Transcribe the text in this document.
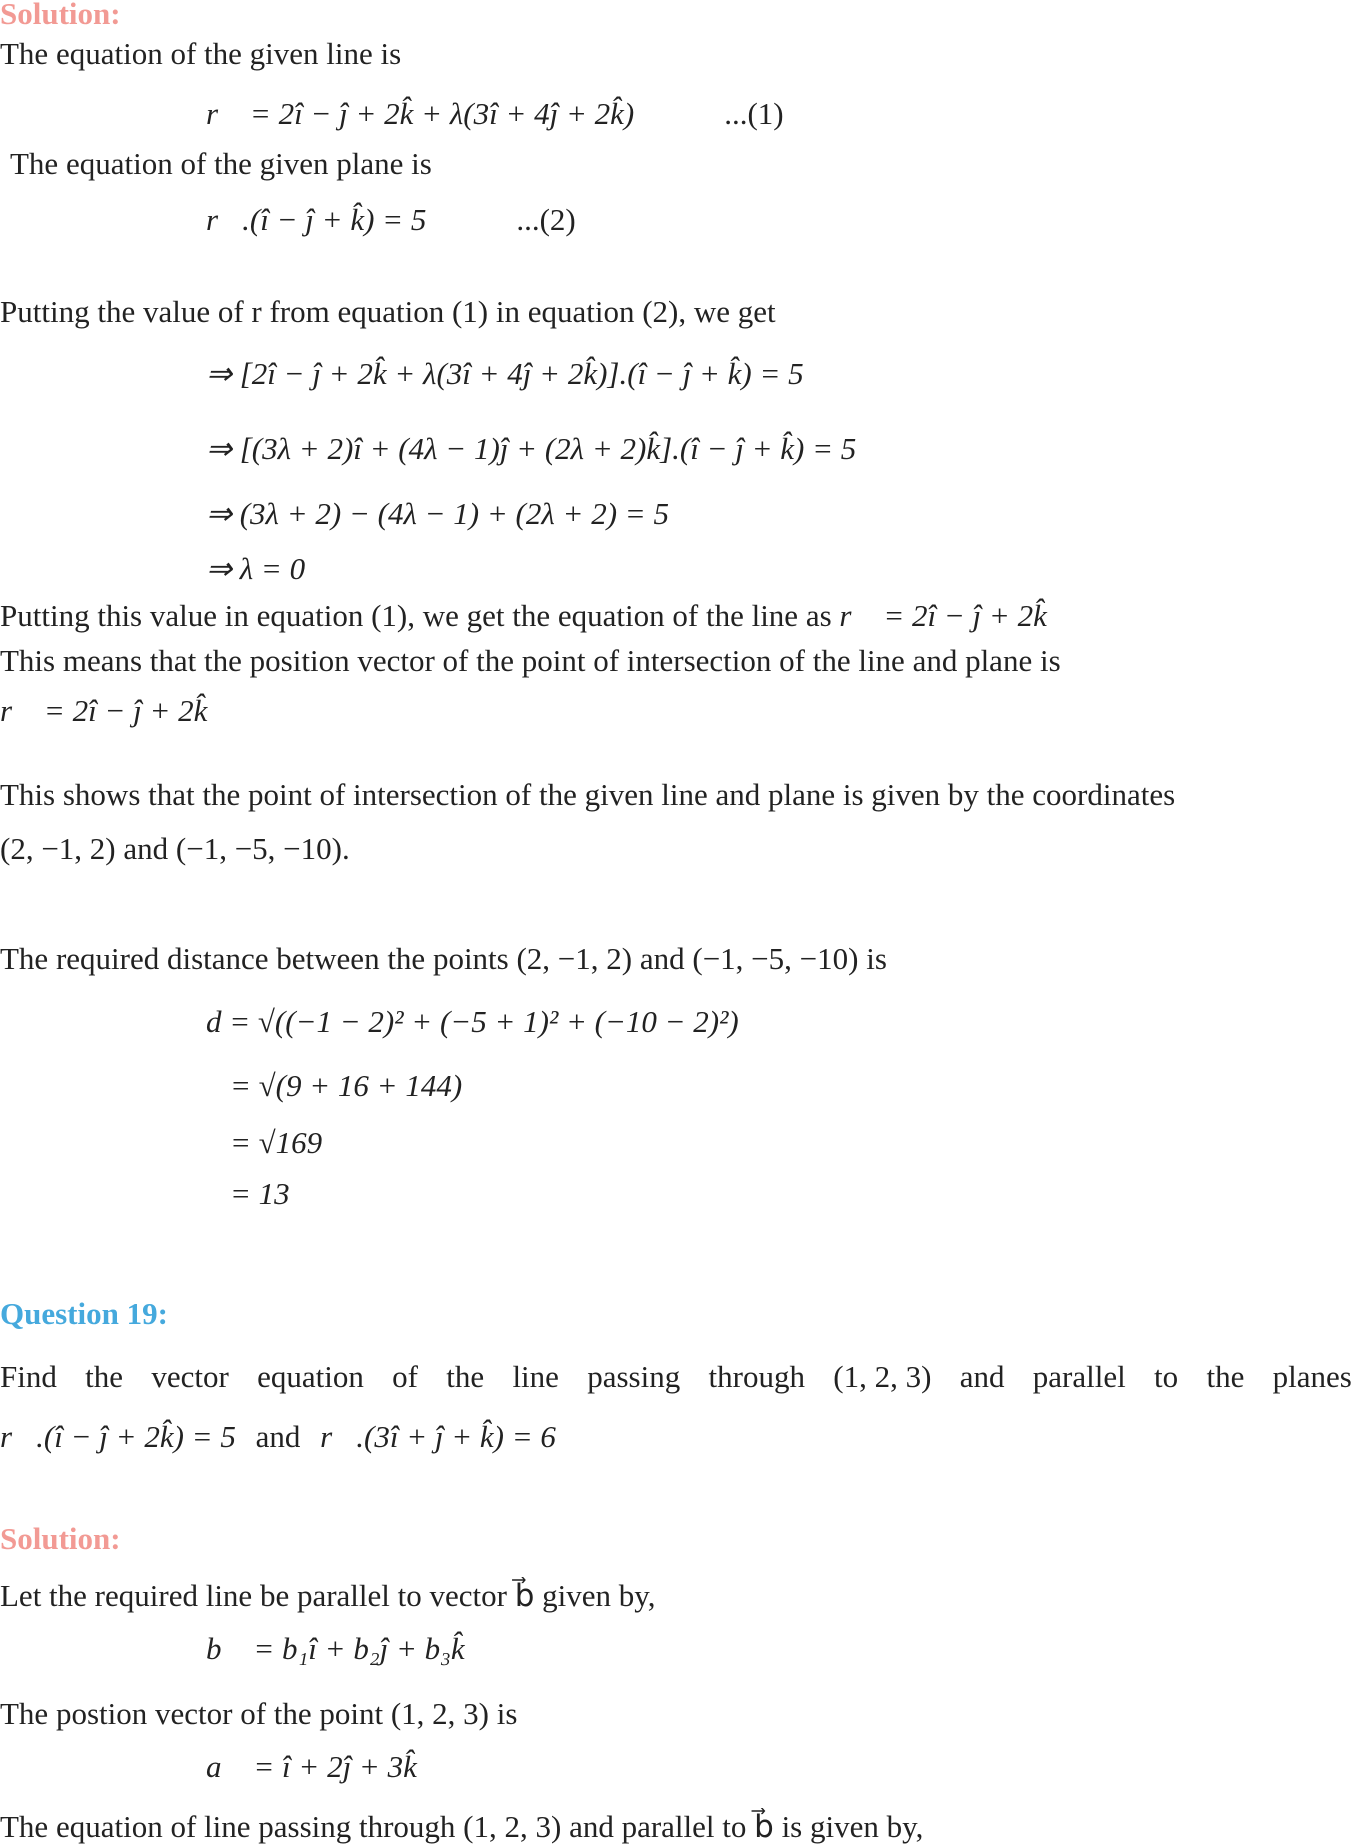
Solution:
The equation of the given line is
r⃗ = 2î − ĵ + 2k̂ + λ(3î + 4ĵ + 2k̂)	...(1)
The equation of the given plane is
r⃗.(î − ĵ + k̂) = 5	...(2)
Putting the value of r from equation (1) in equation (2), we get
⇒ [2î − ĵ + 2k̂ + λ(3î + 4ĵ + 2k̂)].(î − ĵ + k̂) = 5
⇒ [(3λ + 2)î + (4λ − 1)ĵ + (2λ + 2)k̂].(î − ĵ + k̂) = 5
⇒ (3λ + 2) − (4λ − 1) + (2λ + 2) = 5
⇒ λ = 0
Putting this value in equation (1), we get the equation of the line as r⃗ = 2î − ĵ + 2k̂
This means that the position vector of the point of intersection of the line and plane is
r⃗ = 2î − ĵ + 2k̂
This shows that the point of intersection of the given line and plane is given by the coordinates
(2, −1, 2) and (−1, −5, −10).
The required distance between the points (2, −1, 2) and (−1, −5, −10) is
d = √((−1 − 2)² + (−5 + 1)² + (−10 − 2)²)
= √(9 + 16 + 144)
= √169
= 13
Question 19:
Find the vector equation of the line passing through (1, 2, 3) and parallel to the planes
r⃗.(î − ĵ + 2k̂) = 5 and r⃗.(3î + ĵ + k̂) = 6
Solution:
Let the required line be parallel to vector b⃗ given by,
b⃗ = b₁î + b₂ĵ + b₃k̂
The postion vector of the point (1, 2, 3) is
a⃗ = î + 2ĵ + 3k̂
The equation of line passing through (1, 2, 3) and parallel to b⃗ is given by,
